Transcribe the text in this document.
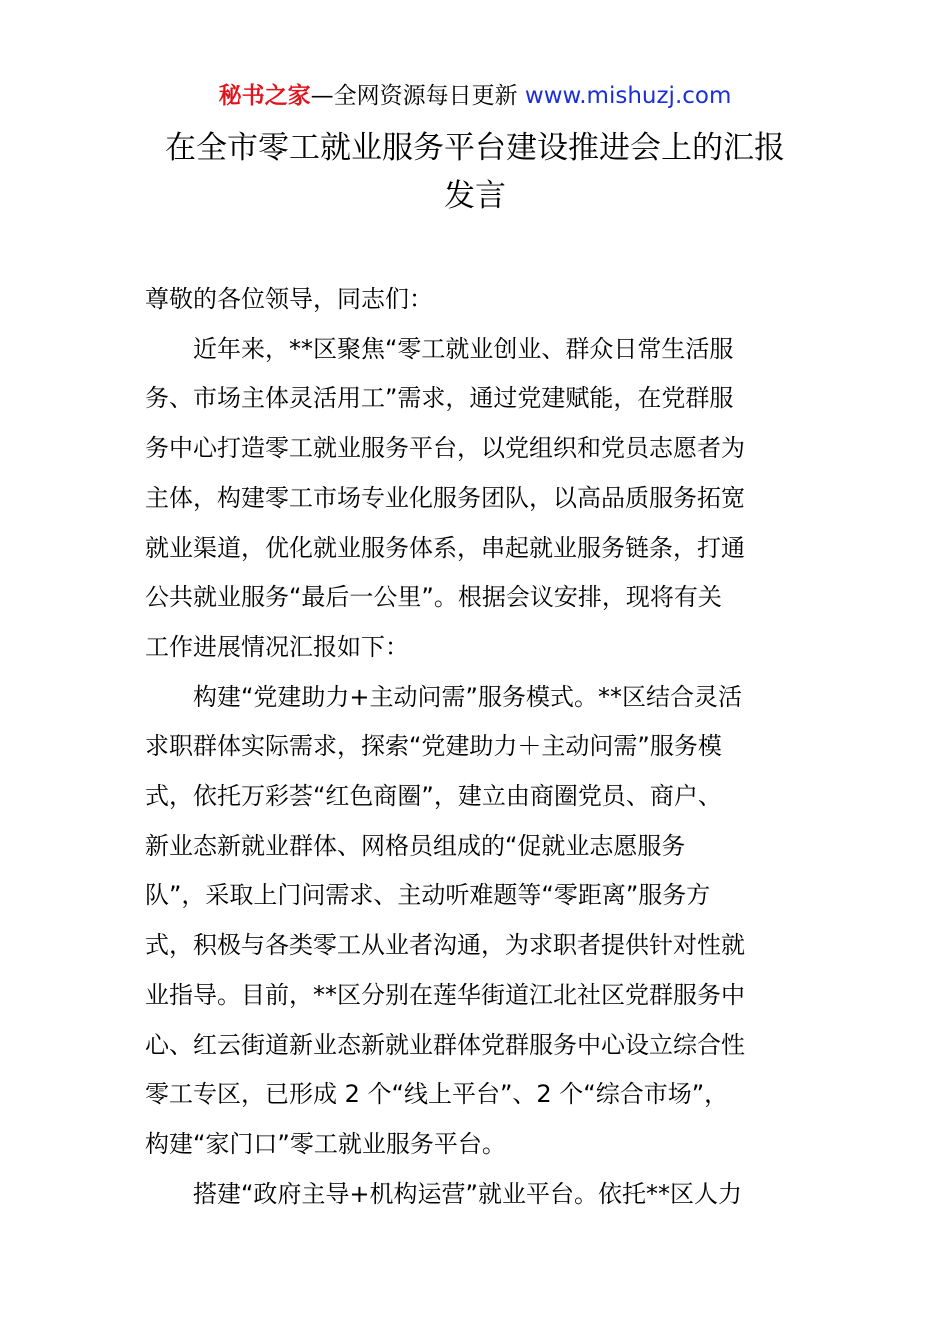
秘书之家—全网资源每日更新 www.mishuzj.com
在全市零工就业服务平台建设推进会上的汇报
发言

尊敬的各位领导，同志们：

近年来，**区聚焦“零工就业创业、群众日常生活服
务、市场主体灵活用工”需求，通过党建赋能，在党群服
务中心打造零工就业服务平台，以党组织和党员志愿者为
主体，构建零工市场专业化服务团队，以高品质服务拓宽
就业渠道，优化就业服务体系，串起就业服务链条，打通
公共就业服务“最后一公里”。根据会议安排，现将有关
工作进展情况汇报如下：

构建“党建助力+主动问需”服务模式。**区结合灵活
求职群体实际需求，探索“党建助力＋主动问需”服务模
式，依托万彩荟“红色商圈”，建立由商圈党员、商户、
新业态新就业群体、网格员组成的“促就业志愿服务
队”，采取上门问需求、主动听难题等“零距离”服务方
式，积极与各类零工从业者沟通，为求职者提供针对性就
业指导。目前，**区分别在莲华街道江北社区党群服务中
心、红云街道新业态新就业群体党群服务中心设立综合性
零工专区，已形成 2 个“线上平台”、2 个“综合市场”，
构建“家门口”零工就业服务平台。

搭建“政府主导+机构运营”就业平台。依托**区人力
